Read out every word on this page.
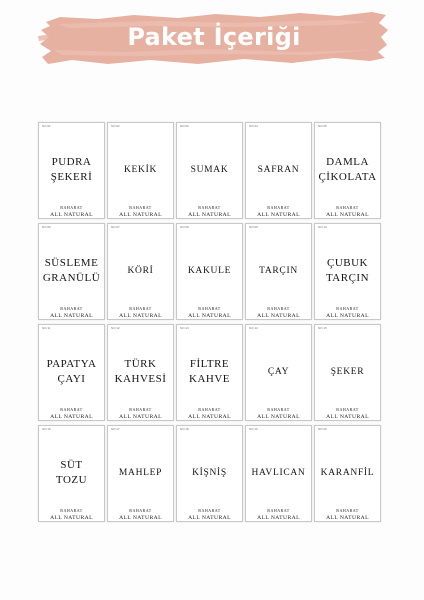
Paket İçeriği
NO:01
PUDRA
ŞEKERİ
BAHARAT
ALL NATURAL
NO:02
KEKİK
BAHARAT
ALL NATURAL
NO:03
SUMAK
BAHARAT
ALL NATURAL
NO:04
SAFRAN
BAHARAT
ALL NATURAL
NO:05
DAMLA
ÇİKOLATA
BAHARAT
ALL NATURAL
NO:06
SÜSLEME
GRANÜLÜ
BAHARAT
ALL NATURAL
NO:07
KÖRİ
BAHARAT
ALL NATURAL
NO:08
KAKULE
BAHARAT
ALL NATURAL
NO:09
TARÇIN
BAHARAT
ALL NATURAL
NO:10
ÇUBUK
TARÇIN
BAHARAT
ALL NATURAL
NO:11
PAPATYA
ÇAYI
BAHARAT
ALL NATURAL
NO:12
TÜRK
KAHVESİ
BAHARAT
ALL NATURAL
NO:13
FİLTRE
KAHVE
BAHARAT
ALL NATURAL
NO:14
ÇAY
BAHARAT
ALL NATURAL
NO:15
ŞEKER
BAHARAT
ALL NATURAL
NO:16
SÜT
TOZU
BAHARAT
ALL NATURAL
NO:17
MAHLEP
BAHARAT
ALL NATURAL
NO:18
KİŞNİŞ
BAHARAT
ALL NATURAL
NO:19
HAVLICAN
BAHARAT
ALL NATURAL
NO:20
KARANFİL
BAHARAT
ALL NATURAL
